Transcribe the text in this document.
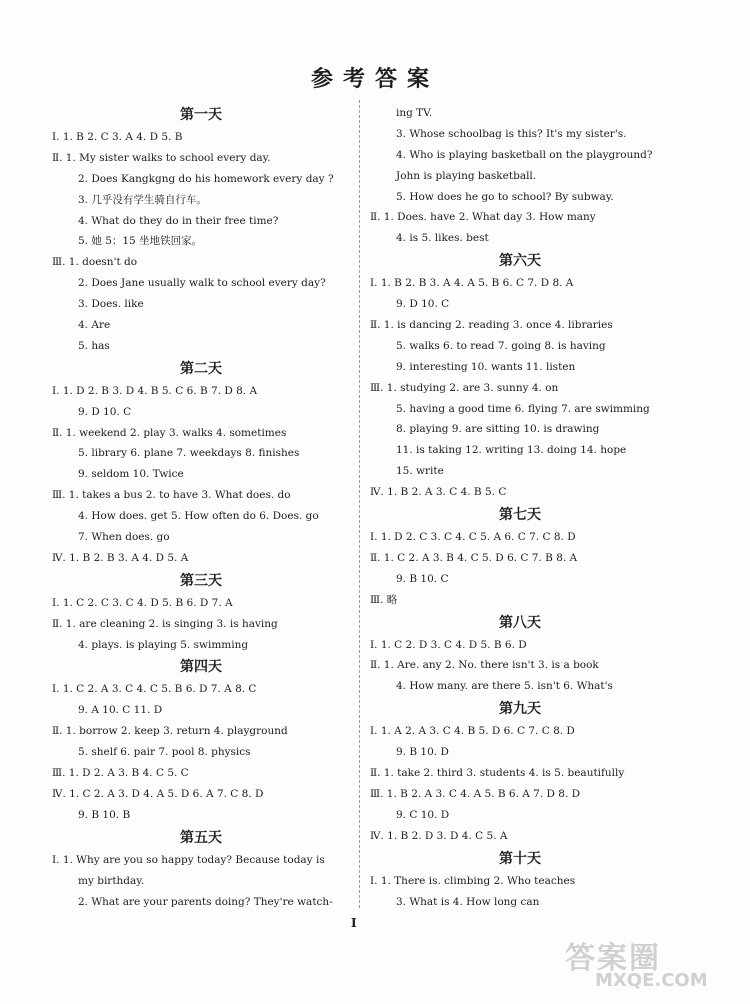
参考答案
第一天
Ⅰ. 1. B 2. C 3. A 4. D 5. B
Ⅱ. 1. My sister walks to school every day.
2. Does Kangkgng do his homework every day ?
3. 几乎没有学生骑自行车。
4. What do they do in their free time?
5. 她 5：15 坐地铁回家。
Ⅲ. 1. doesn't do
2. Does Jane usually walk to school every day?
3. Does. like
4. Are
5. has
第二天
Ⅰ. 1. D 2. B 3. D 4. B 5. C 6. B 7. D 8. A
9. D 10. C
Ⅱ. 1. weekend 2. play 3. walks 4. sometimes
5. library 6. plane 7. weekdays 8. finishes
9. seldom 10. Twice
Ⅲ. 1. takes a bus 2. to have 3. What does. do
4. How does. get 5. How often do 6. Does. go
7. When does. go
Ⅳ. 1. B 2. B 3. A 4. D 5. A
第三天
Ⅰ. 1. C 2. C 3. C 4. D 5. B 6. D 7. A
Ⅱ. 1. are cleaning 2. is singing 3. is having
4. plays. is playing 5. swimming
第四天
Ⅰ. 1. C 2. A 3. C 4. C 5. B 6. D 7. A 8. C
9. A 10. C 11. D
Ⅱ. 1. borrow 2. keep 3. return 4. playground
5. shelf 6. pair 7. pool 8. physics
Ⅲ. 1. D 2. A 3. B 4. C 5. C
Ⅳ. 1. C 2. A 3. D 4. A 5. D 6. A 7. C 8. D
9. B 10. B
第五天
Ⅰ. 1. Why are you so happy today? Because today is
my birthday.
2. What are your parents doing? They're watch-
ing TV.
3. Whose schoolbag is this? It's my sister's.
4. Who is playing basketball on the playground?
John is playing basketball.
5. How does he go to school? By subway.
Ⅱ. 1. Does. have 2. What day 3. How many
4. is 5. likes. best
第六天
Ⅰ. 1. B 2. B 3. A 4. A 5. B 6. C 7. D 8. A
9. D 10. C
Ⅱ. 1. is dancing 2. reading 3. once 4. libraries
5. walks 6. to read 7. going 8. is having
9. interesting 10. wants 11. listen
Ⅲ. 1. studying 2. are 3. sunny 4. on
5. having a good time 6. flying 7. are swimming
8. playing 9. are sitting 10. is drawing
11. is taking 12. writing 13. doing 14. hope
15. write
Ⅳ. 1. B 2. A 3. C 4. B 5. C
第七天
Ⅰ. 1. D 2. C 3. C 4. C 5. A 6. C 7. C 8. D
Ⅱ. 1. C 2. A 3. B 4. C 5. D 6. C 7. B 8. A
9. B 10. C
Ⅲ. 略
第八天
Ⅰ. 1. C 2. D 3. C 4. D 5. B 6. D
Ⅱ. 1. Are. any 2. No. there isn't 3. is a book
4. How many. are there 5. isn't 6. What's
第九天
Ⅰ. 1. A 2. A 3. C 4. B 5. D 6. C 7. C 8. D
9. B 10. D
Ⅱ. 1. take 2. third 3. students 4. is 5. beautifully
Ⅲ. 1. B 2. A 3. C 4. A 5. B 6. A 7. D 8. D
9. C 10. D
Ⅳ. 1. B 2. D 3. D 4. C 5. A
第十天
Ⅰ. 1. There is. climbing 2. Who teaches
3. What is 4. How long can
I
答案圈
MXQE.COM
